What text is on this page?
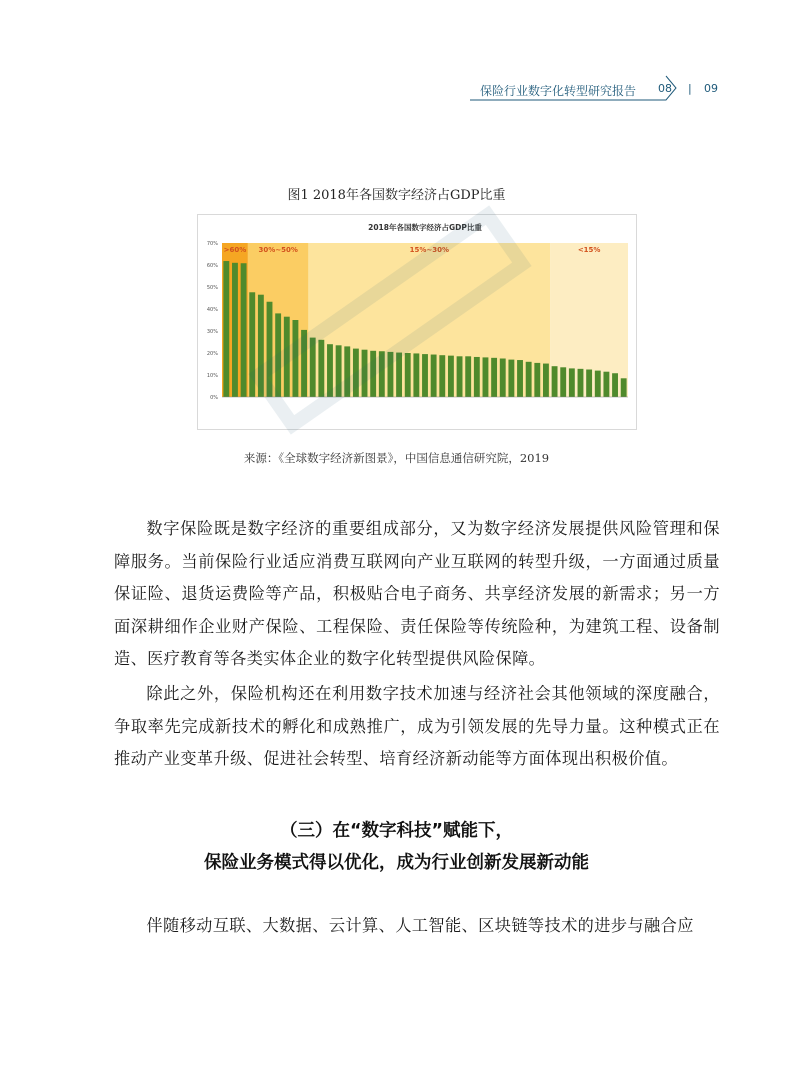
保险行业数字化转型研究报告 08 | 09
图1 2018年各国数字经济占GDP比重
2018年各国数字经济占GDP比重
>60% 30%~50%	15%~30%	<15%
0%
10%
20%
30%
40%
50%
60%
70%
来源：《全球数字经济新图景》，中国信息通信研究院，2019

数字保险既是数字经济的重要组成部分，又为数字经济发展提供风险管理和保障服务。当前保险行业适应消费互联网向产业互联网的转型升级，一方面通过质量保证险、退货运费险等产品，积极贴合电子商务、共享经济发展的新需求；另一方面深耕细作企业财产保险、工程保险、责任保险等传统险种，为建筑工程、设备制造、医疗教育等各类实体企业的数字化转型提供风险保障。

除此之外，保险机构还在利用数字技术加速与经济社会其他领域的深度融合，争取率先完成新技术的孵化和成熟推广，成为引领发展的先导力量。这种模式正在推动产业变革升级、促进社会转型、培育经济新动能等方面体现出积极价值。

（三）在“数字科技”赋能下，
保险业务模式得以优化，成为行业创新发展新动能

伴随移动互联、大数据、云计算、人工智能、区块链等技术的进步与融合应
